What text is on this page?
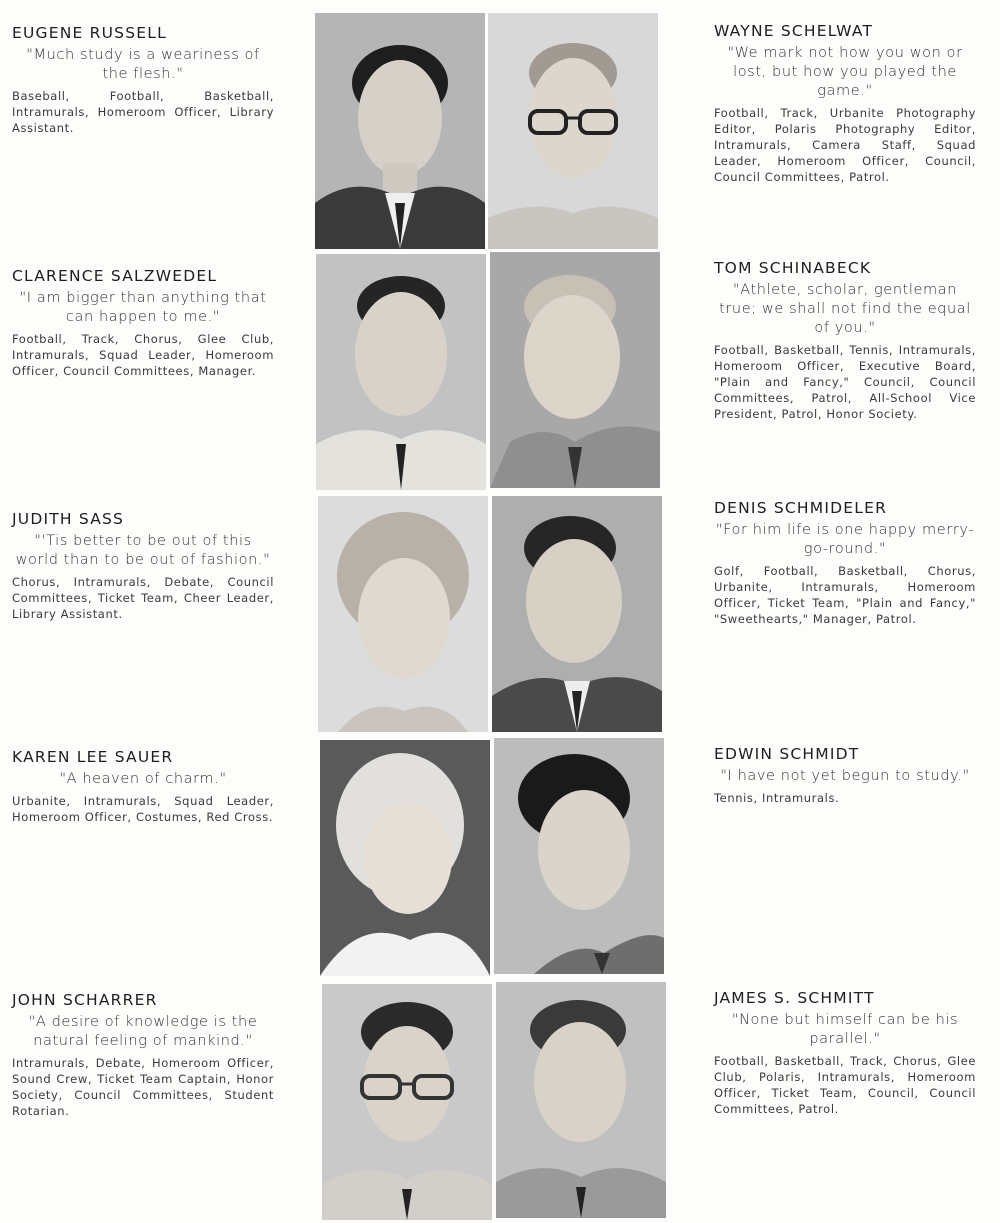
EUGENE RUSSELL
"Much study is a weariness of the flesh."
Baseball, Football, Basketball, Intramurals, Homeroom Officer, Library Assistant.
WAYNE SCHELWAT
"We mark not how you won or lost, but how you played the game."
Football, Track, Urbanite Photography Editor, Polaris Photography Editor, Intramurals, Camera Staff, Squad Leader, Homeroom Officer, Council, Council Committees, Patrol.
CLARENCE SALZWEDEL
"I am bigger than anything that can happen to me."
Football, Track, Chorus, Glee Club, Intramurals, Squad Leader, Homeroom Officer, Council Committees, Manager.
TOM SCHINABECK
"Athlete, scholar, gentleman true; we shall not find the equal of you."
Football, Basketball, Tennis, Intramurals, Homeroom Officer, Executive Board, "Plain and Fancy," Council, Council Committees, Patrol, All-School Vice President, Patrol, Honor Society.
JUDITH SASS
"'Tis better to be out of this world than to be out of fashion."
Chorus, Intramurals, Debate, Council Committees, Ticket Team, Cheer Leader, Library Assistant.
DENIS SCHMIDELER
"For him life is one happy merry-go-round."
Golf, Football, Basketball, Chorus, Urbanite, Intramurals, Homeroom Officer, Ticket Team, "Plain and Fancy," "Sweethearts," Manager, Patrol.
KAREN LEE SAUER
"A heaven of charm."
Urbanite, Intramurals, Squad Leader, Homeroom Officer, Costumes, Red Cross.
EDWIN SCHMIDT
"I have not yet begun to study."
Tennis, Intramurals.
JOHN SCHARRER
"A desire of knowledge is the natural feeling of mankind."
Intramurals, Debate, Homeroom Officer, Sound Crew, Ticket Team Captain, Honor Society, Council Committees, Student Rotarian.
JAMES S. SCHMITT
"None but himself can be his parallel."
Football, Basketball, Track, Chorus, Glee Club, Polaris, Intramurals, Homeroom Officer, Ticket Team, Council, Council Committees, Patrol.
